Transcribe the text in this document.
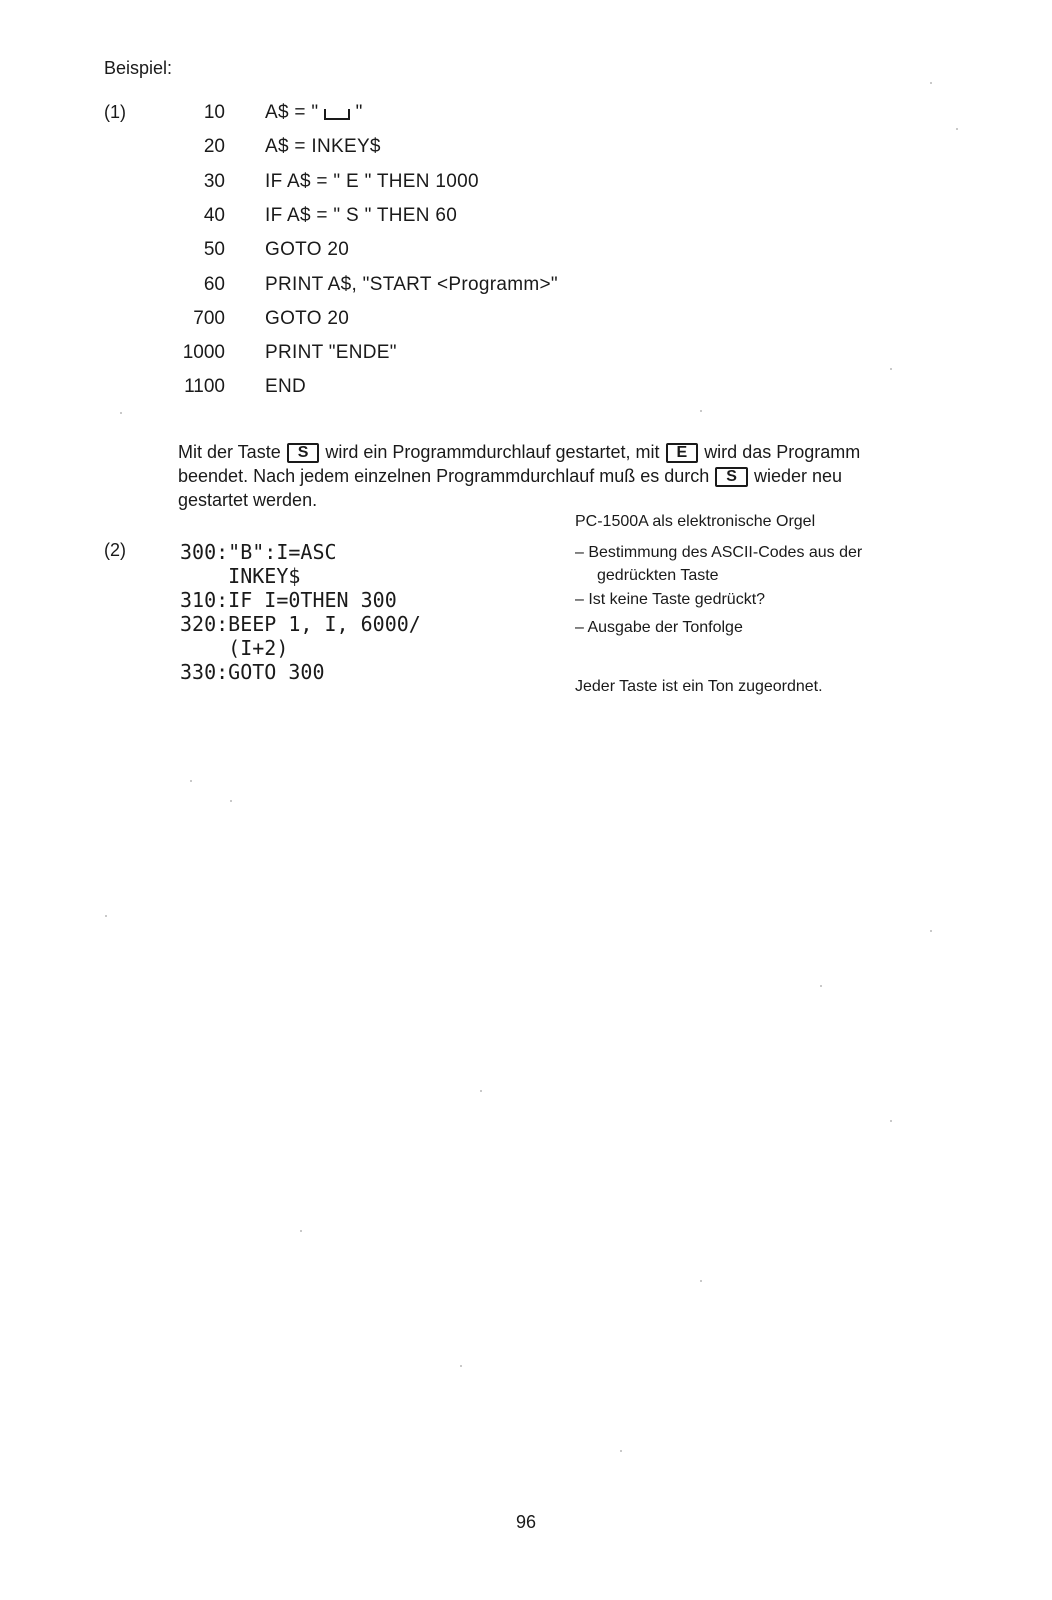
Beispiel:
(1)	10 A$ = "  "
20 A$ = INKEY$
30 IF A$ = " E " THEN 1000
40 IF A$ = " S " THEN 60
50 GOTO 20
60 PRINT A$, "START <Programm>"
700 GOTO 20
1000 PRINT "ENDE"
1100 END
Mit der Taste S wird ein Programmdurchlauf gestartet, mit E wird das Programm
beendet. Nach jedem einzelnen Programmdurchlauf muß es durch S wieder neu
gestartet werden.
(2)	300:"B":I=ASC
INKEY$
310:IF I=0THEN 300
320:BEEP 1, I, 6000/
(I+2)
330:GOTO 300
PC-1500A als elektronische Orgel
– Bestimmung des ASCII-Codes aus der
gedrückten Taste
– Ist keine Taste gedrückt?
– Ausgabe der Tonfolge
Jeder Taste ist ein Ton zugeordnet.
96
